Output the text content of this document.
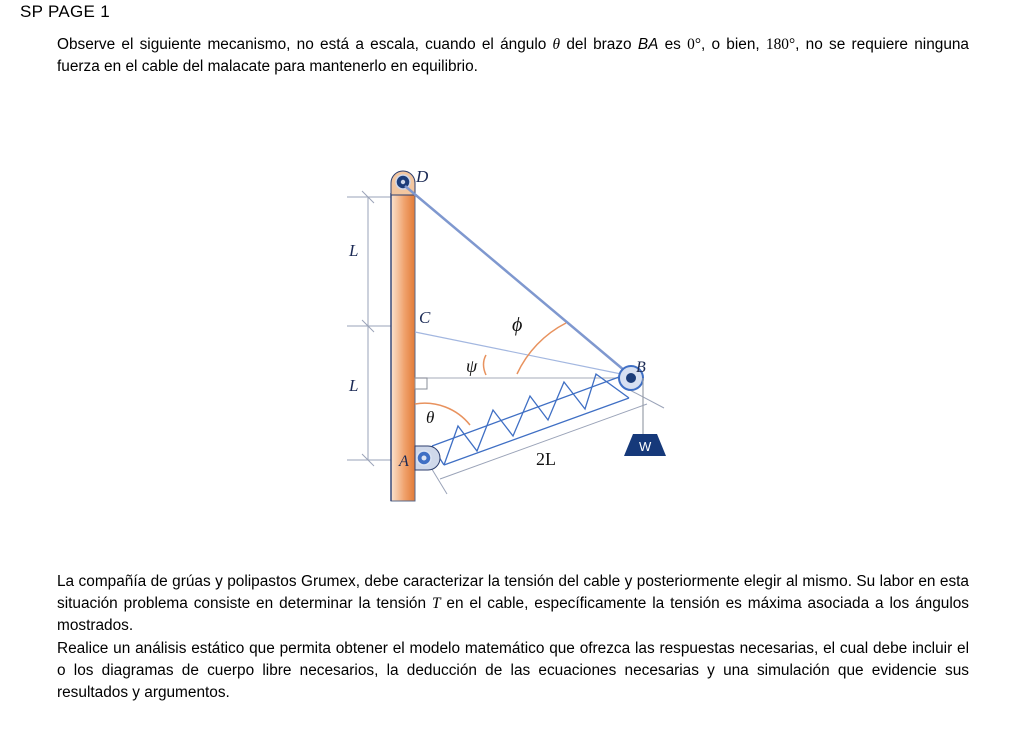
SP PAGE 1
Observe el siguiente mecanismo, no está a escala, cuando el ángulo θ del brazo BA es 0°, o bien, 180°, no se requiere ninguna fuerza en el cable del malacate para mantenerlo en equilibrio.
D
C
B
A
L
L
2L
W
ϕ
ψ
θ
La compañía de grúas y polipastos Grumex, debe caracterizar la tensión del cable y posteriormente elegir al mismo. Su labor en esta situación problema consiste en determinar la tensión T en el cable, específicamente la tensión es máxima asociada a los ángulos mostrados.
Realice un análisis estático que permita obtener el modelo matemático que ofrezca las respuestas necesarias, el cual debe incluir el o los diagramas de cuerpo libre necesarios, la deducción de las ecuaciones necesarias y una simulación que evidencie sus resultados y argumentos.
